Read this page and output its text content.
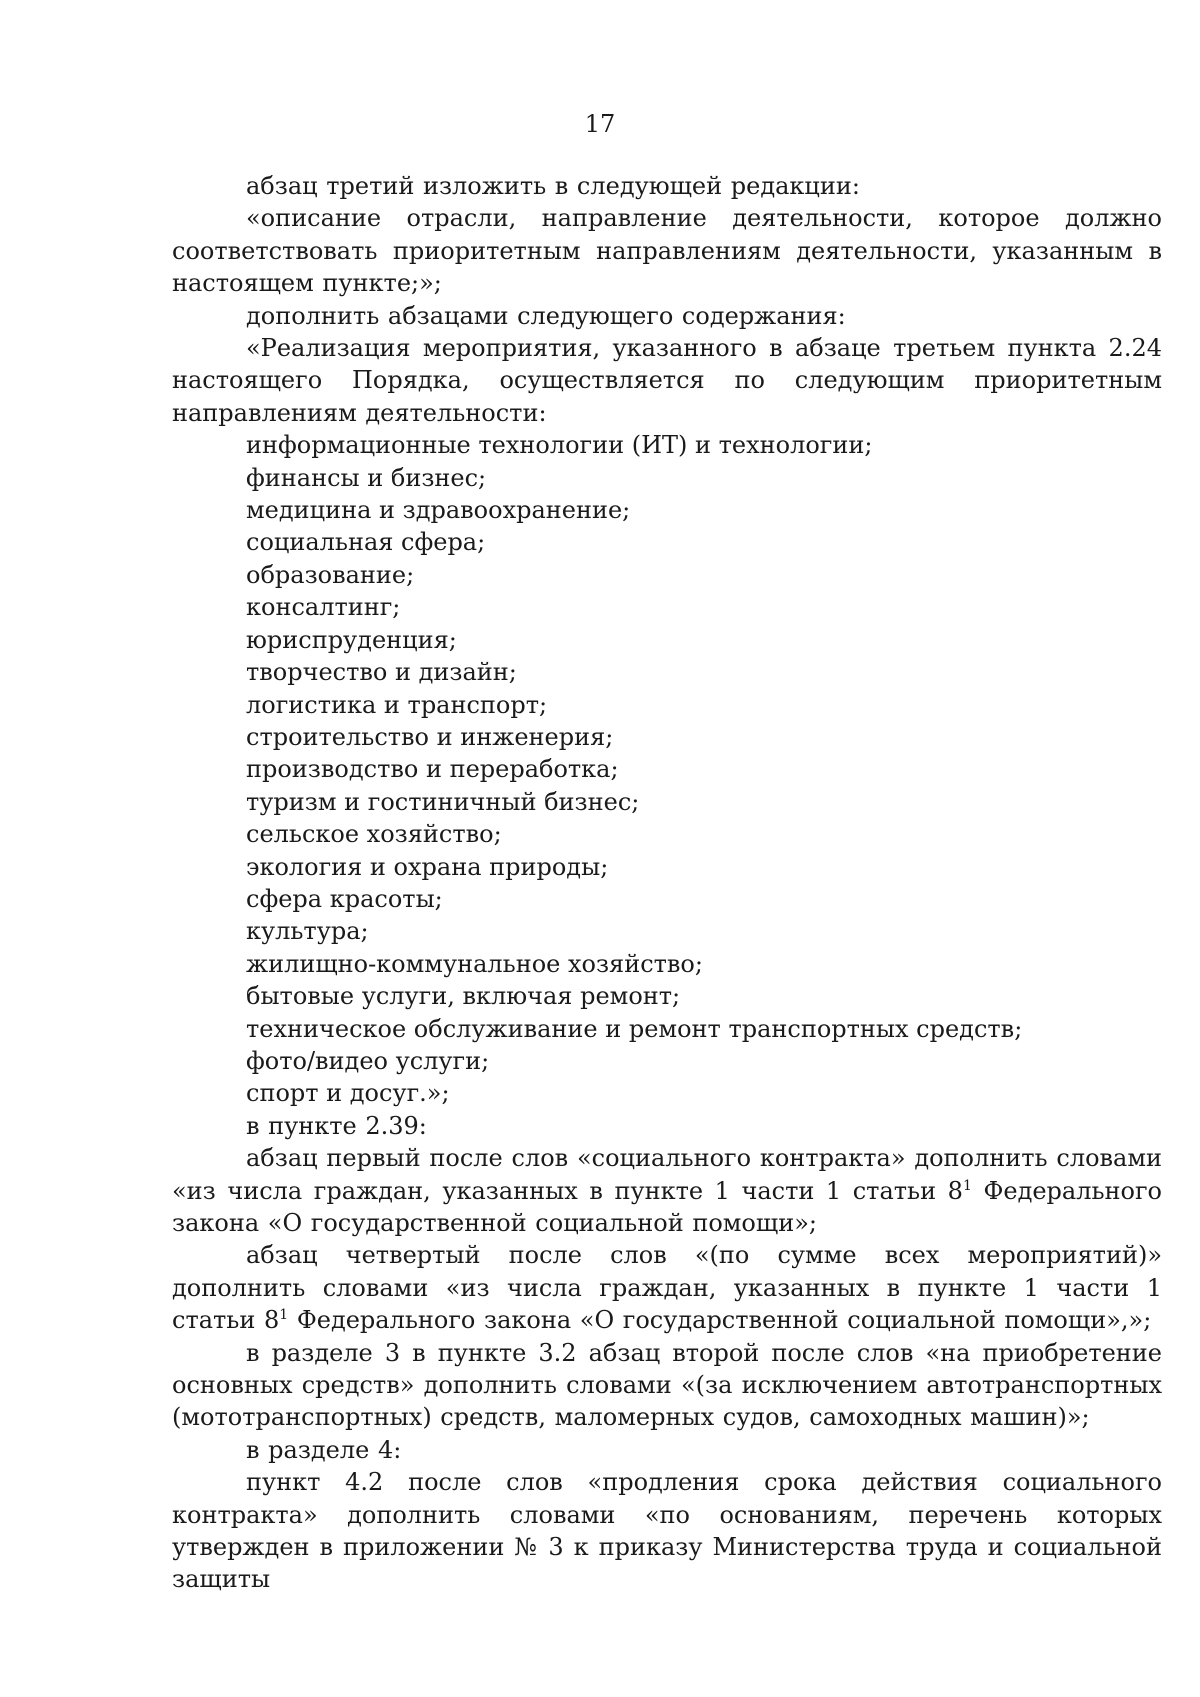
17

абзац третий изложить в следующей редакции:

«описание отрасли, направление деятельности, которое должно соответствовать приоритетным направлениям деятельности, указанным в настоящем пункте;»;

дополнить абзацами следующего содержания:

«Реализация мероприятия, указанного в абзаце третьем пункта 2.24 настоящего Порядка, осуществляется по следующим приоритетным направлениям деятельности:

информационные технологии (ИТ) и технологии;

финансы и бизнес;

медицина и здравоохранение;

социальная сфера;

образование;

консалтинг;

юриспруденция;

творчество и дизайн;

логистика и транспорт;

строительство и инженерия;

производство и переработка;

туризм и гостиничный бизнес;

сельское хозяйство;

экология и охрана природы;

сфера красоты;

культура;

жилищно-коммунальное хозяйство;

бытовые услуги, включая ремонт;

техническое обслуживание и ремонт транспортных средств;

фото/видео услуги;

спорт и досуг.»;

в пункте 2.39:

абзац первый после слов «социального контракта» дополнить словами «из числа граждан, указанных в пункте 1 части 1 статьи $8^1$ Федерального закона «О государственной социальной помощи»;

абзац четвертый после слов «(по сумме всех мероприятий)» дополнить словами «из числа граждан, указанных в пункте 1 части 1 статьи $8^1$ Федерального закона «О государственной социальной помощи»,»;

в разделе 3 в пункте 3.2 абзац второй после слов «на приобретение основных средств» дополнить словами «(за исключением автотранспортных (мототранспортных) средств, маломерных судов, самоходных машин)»;

в разделе 4:

пункт 4.2 после слов «продления срока действия социального контракта» дополнить словами «по основаниям, перечень которых утвержден в приложении № 3 к приказу Министерства труда и социальной защиты
